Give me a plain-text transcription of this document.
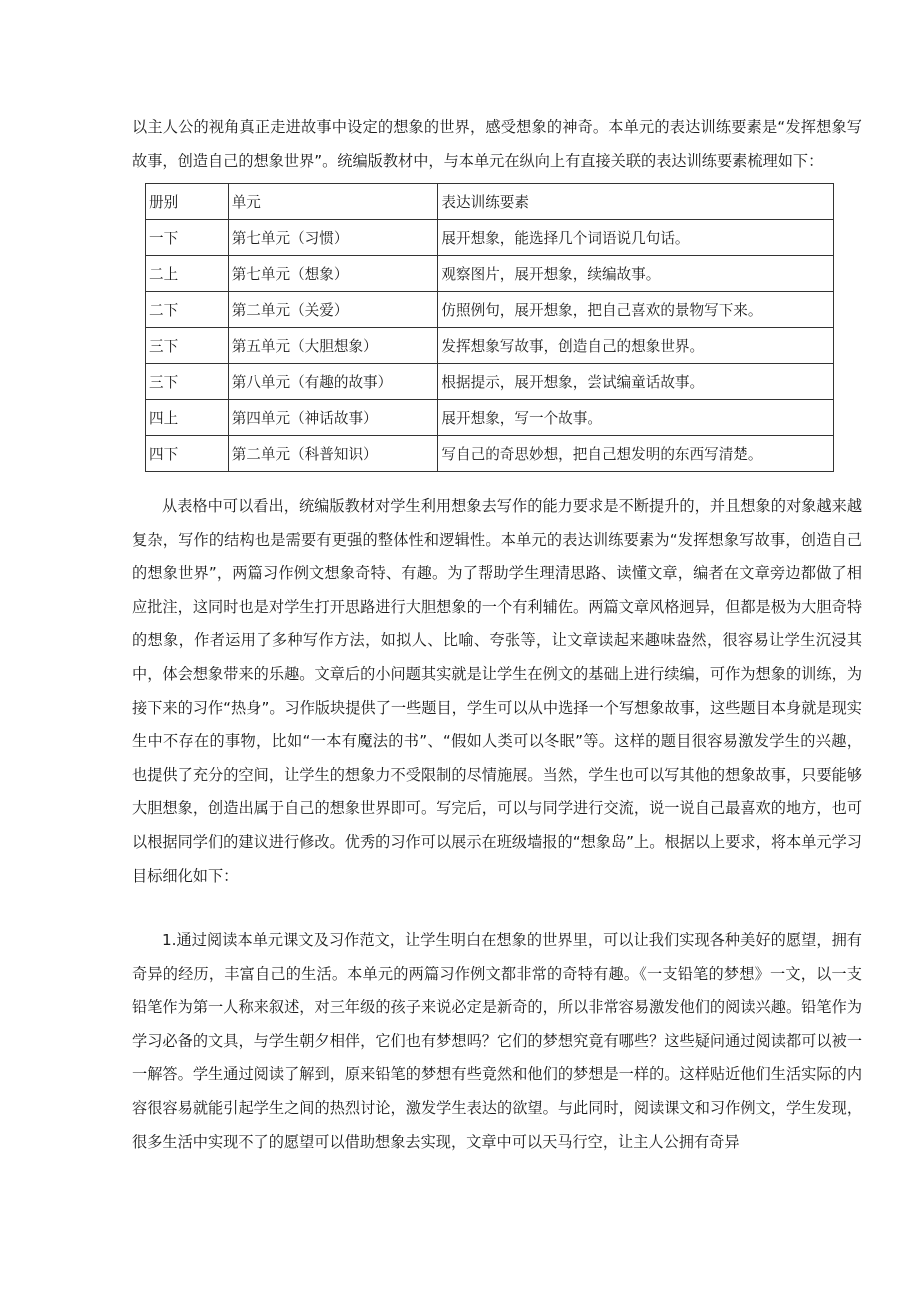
以主人公的视角真正走进故事中设定的想象的世界，感受想象的神奇。本单元的表达训练要素是“发挥想象写故事，创造自己的想象世界”。统编版教材中，与本单元在纵向上有直接关联的表达训练要素梳理如下：

册别	单元	表达训练要素
一下	第七单元（习惯）	展开想象，能选择几个词语说几句话。
二上	第七单元（想象）	观察图片，展开想象，续编故事。
二下	第二单元（关爱）	仿照例句，展开想象，把自己喜欢的景物写下来。
三下	第五单元（大胆想象）	发挥想象写故事，创造自己的想象世界。
三下	第八单元（有趣的故事）	根据提示，展开想象，尝试编童话故事。
四上	第四单元（神话故事）	展开想象，写一个故事。
四下	第二单元（科普知识）	写自己的奇思妙想，把自己想发明的东西写清楚。

从表格中可以看出，统编版教材对学生利用想象去写作的能力要求是不断提升的，并且想象的对象越来越复杂，写作的结构也是需要有更强的整体性和逻辑性。本单元的表达训练要素为“发挥想象写故事，创造自己的想象世界”，两篇习作例文想象奇特、有趣。为了帮助学生理清思路、读懂文章，编者在文章旁边都做了相应批注，这同时也是对学生打开思路进行大胆想象的一个有利辅佐。两篇文章风格迥异，但都是极为大胆奇特的想象，作者运用了多种写作方法，如拟人、比喻、夸张等，让文章读起来趣味盎然，很容易让学生沉浸其中，体会想象带来的乐趣。文章后的小问题其实就是让学生在例文的基础上进行续编，可作为想象的训练，为接下来的习作“热身”。习作版块提供了一些题目，学生可以从中选择一个写想象故事，这些题目本身就是现实生中不存在的事物，比如“一本有魔法的书”、“假如人类可以冬眠”等。这样的题目很容易激发学生的兴趣，也提供了充分的空间，让学生的想象力不受限制的尽情施展。当然，学生也可以写其他的想象故事，只要能够大胆想象，创造出属于自己的想象世界即可。写完后，可以与同学进行交流，说一说自己最喜欢的地方，也可以根据同学们的建议进行修改。优秀的习作可以展示在班级墙报的“想象岛”上。根据以上要求，将本单元学习目标细化如下：

1.通过阅读本单元课文及习作范文，让学生明白在想象的世界里，可以让我们实现各种美好的愿望，拥有奇异的经历，丰富自己的生活。本单元的两篇习作例文都非常的奇特有趣。《一支铅笔的梦想》一文，以一支铅笔作为第一人称来叙述，对三年级的孩子来说必定是新奇的，所以非常容易激发他们的阅读兴趣。铅笔作为学习必备的文具，与学生朝夕相伴，它们也有梦想吗？它们的梦想究竟有哪些？这些疑问通过阅读都可以被一一解答。学生通过阅读了解到，原来铅笔的梦想有些竟然和他们的梦想是一样的。这样贴近他们生活实际的内容很容易就能引起学生之间的热烈讨论，激发学生表达的欲望。与此同时，阅读课文和习作例文，学生发现，很多生活中实现不了的愿望可以借助想象去实现，文章中可以天马行空，让主人公拥有奇异
